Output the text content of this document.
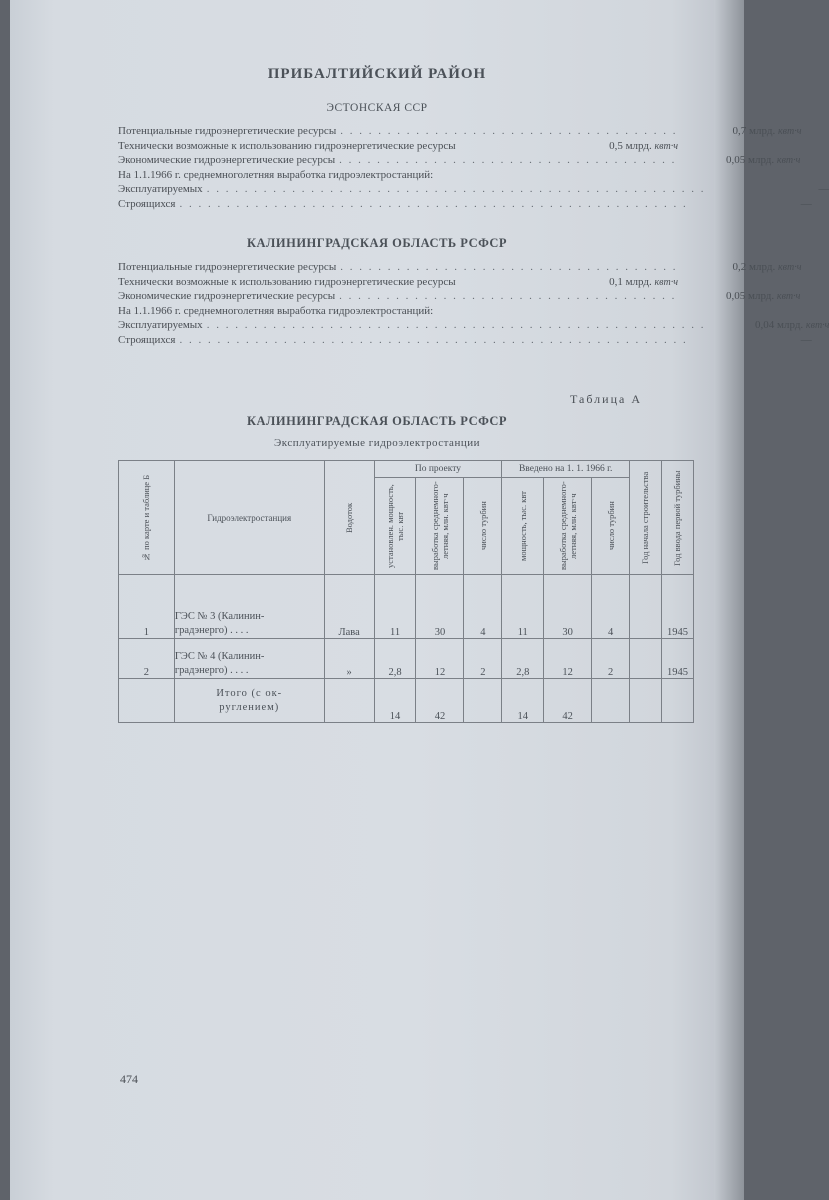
ПРИБАЛТИЙСКИЙ РАЙОН
ЭСТОНСКАЯ ССР
Потенциальные гидроэнергетические ресурсы . . . . . . . . . . . . . . . . . . . . . . . . . . . . . . . . . . . .	0,7 млрд. квт·ч
Технически возможные к использованию гидроэнергетические ресурсы	0,5 млрд. квт·ч
Экономические гидроэнергетические ресурсы . . . . . . . . . . . . . . . . . . . . . . . . . . . . . . . . . . . .	0,05 млрд. квт·ч
На 1.1.1966 г. среднемноголетняя выработка гидроэлектростанций:
Эксплуатируемых . . . . . . . . . . . . . . . . . . . . . . . . . . . . . . . . . . . . . . . . . . . . . . . . . . . . .	—
Строящихся . . . . . . . . . . . . . . . . . . . . . . . . . . . . . . . . . . . . . . . . . . . . . . . . . . . . . .	—
КАЛИНИНГРАДСКАЯ ОБЛАСТЬ РСФСР
Потенциальные гидроэнергетические ресурсы . . . . . . . . . . . . . . . . . . . . . . . . . . . . . . . . . . . .	0,2 млрд. квт·ч
Технически возможные к использованию гидроэнергетические ресурсы	0,1 млрд. квт·ч
Экономические гидроэнергетические ресурсы . . . . . . . . . . . . . . . . . . . . . . . . . . . . . . . . . . . .	0,05 млрд. квт·ч
На 1.1.1966 г. среднемноголетняя выработка гидроэлектростанций:
Эксплуатируемых . . . . . . . . . . . . . . . . . . . . . . . . . . . . . . . . . . . . . . . . . . . . . . . . . . . . .	0,04 млрд. квт·ч
Строящихся . . . . . . . . . . . . . . . . . . . . . . . . . . . . . . . . . . . . . . . . . . . . . . . . . . . . . .	—
Таблица А
КАЛИНИНГРАДСКАЯ ОБЛАСТЬ РСФСР
Эксплуатируемые гидроэлектростанции
№ по карте и таблице Б	Гидроэлектростанция	Водоток	По проекту			Введено на 1. 1. 1966 г.			Год начала строительства	Год ввода первой турбины

			установлен. мощность, тыс. квт	выработка среднемного-летняя, млн. квт·ч	число турбин	мощность, тыс. квт	выработка среднемного-летняя, млн. квт·ч	число турбин		

1	ГЭС № 3 (Калинин-
градэнерго) . . . .	Лава	11	30	4	11	30	4		1945
2	ГЭС № 4 (Калинин-
градэнерго) . . . .	»	2,8	12	2	2,8	12	2		1945
	Итого (с ок-
руглением)		14	42		14	42			
474
